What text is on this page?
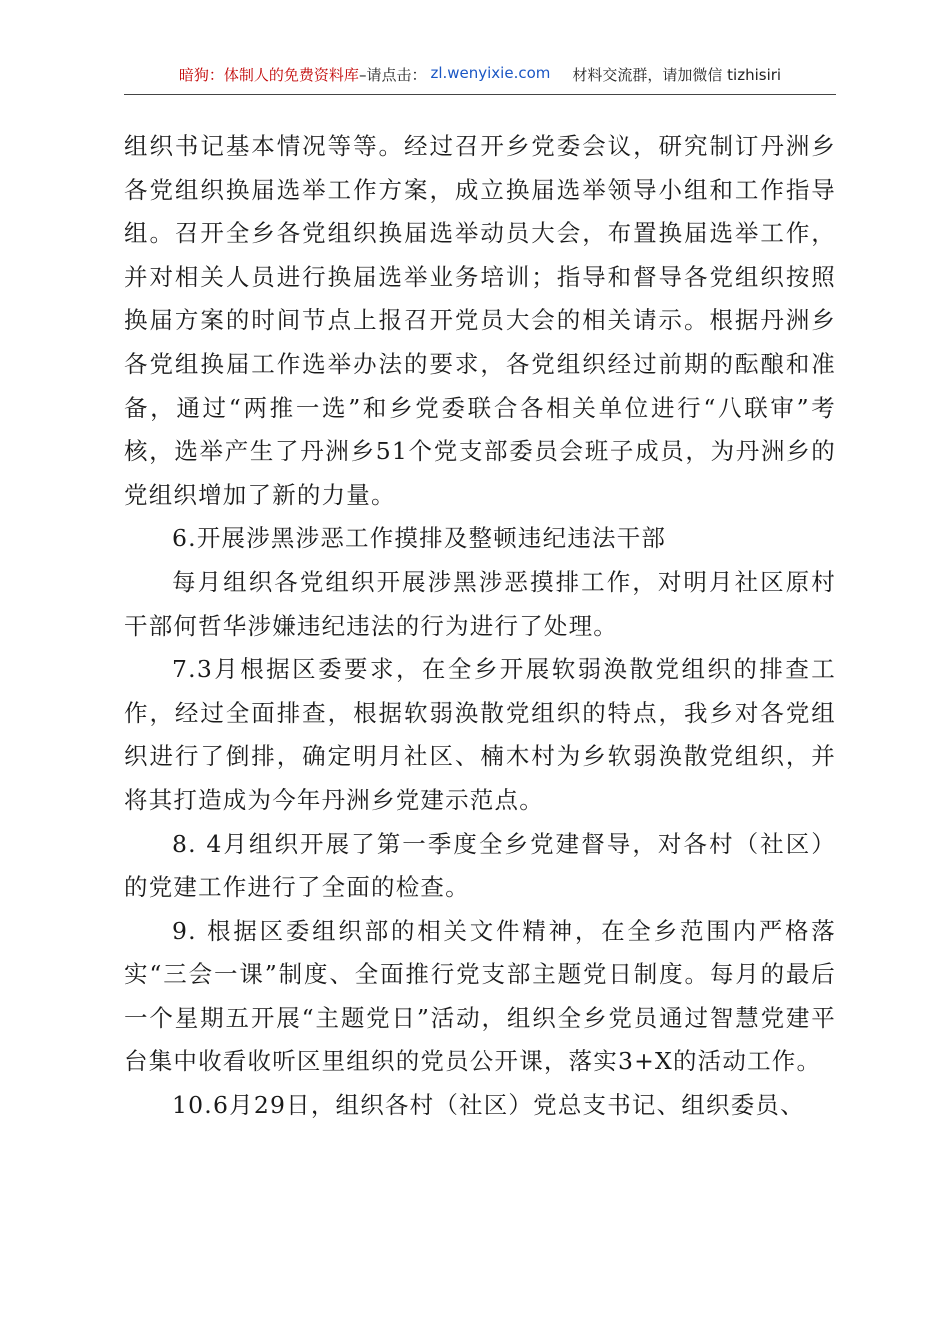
暗狗：体制人的免费资料库 –请点击： zl.wenyixie.com 材料交流群，请加微信 tizhisiri

组织书记基本情况等等。经过召开乡党委会议，研究制订丹洲乡各党组织换届选举工作方案，成立换届选举领导小组和工作指导组。召开全乡各党组织换届选举动员大会，布置换届选举工作，并对相关人员进行换届选举业务培训；指导和督导各党组织按照换届方案的时间节点上报召开党员大会的相关请示。根据丹洲乡各党组换届工作选举办法的要求，各党组织经过前期的酝酿和准备，通过“两推一选”和乡党委联合各相关单位进行“八联审”考核，选举产生了丹洲乡51个党支部委员会班子成员，为丹洲乡的党组织增加了新的力量。

6.开展涉黑涉恶工作摸排及整顿违纪违法干部

每月组织各党组织开展涉黑涉恶摸排工作，对明月社区原村干部何哲华涉嫌违纪违法的行为进行了处理。

7.3月根据区委要求，在全乡开展软弱涣散党组织的排查工作，经过全面排查，根据软弱涣散党组织的特点，我乡对各党组织进行了倒排，确定明月社区、楠木村为乡软弱涣散党组织，并将其打造成为今年丹洲乡党建示范点。

8. 4月组织开展了第一季度全乡党建督导，对各村（社区）的党建工作进行了全面的检查。

9. 根据区委组织部的相关文件精神，在全乡范围内严格落实“三会一课”制度、全面推行党支部主题党日制度。每月的最后一个星期五开展“主题党日”活动，组织全乡党员通过智慧党建平台集中收看收听区里组织的党员公开课，落实3+X的活动工作。

10.6月29日，组织各村（社区）党总支书记、组织委员、
